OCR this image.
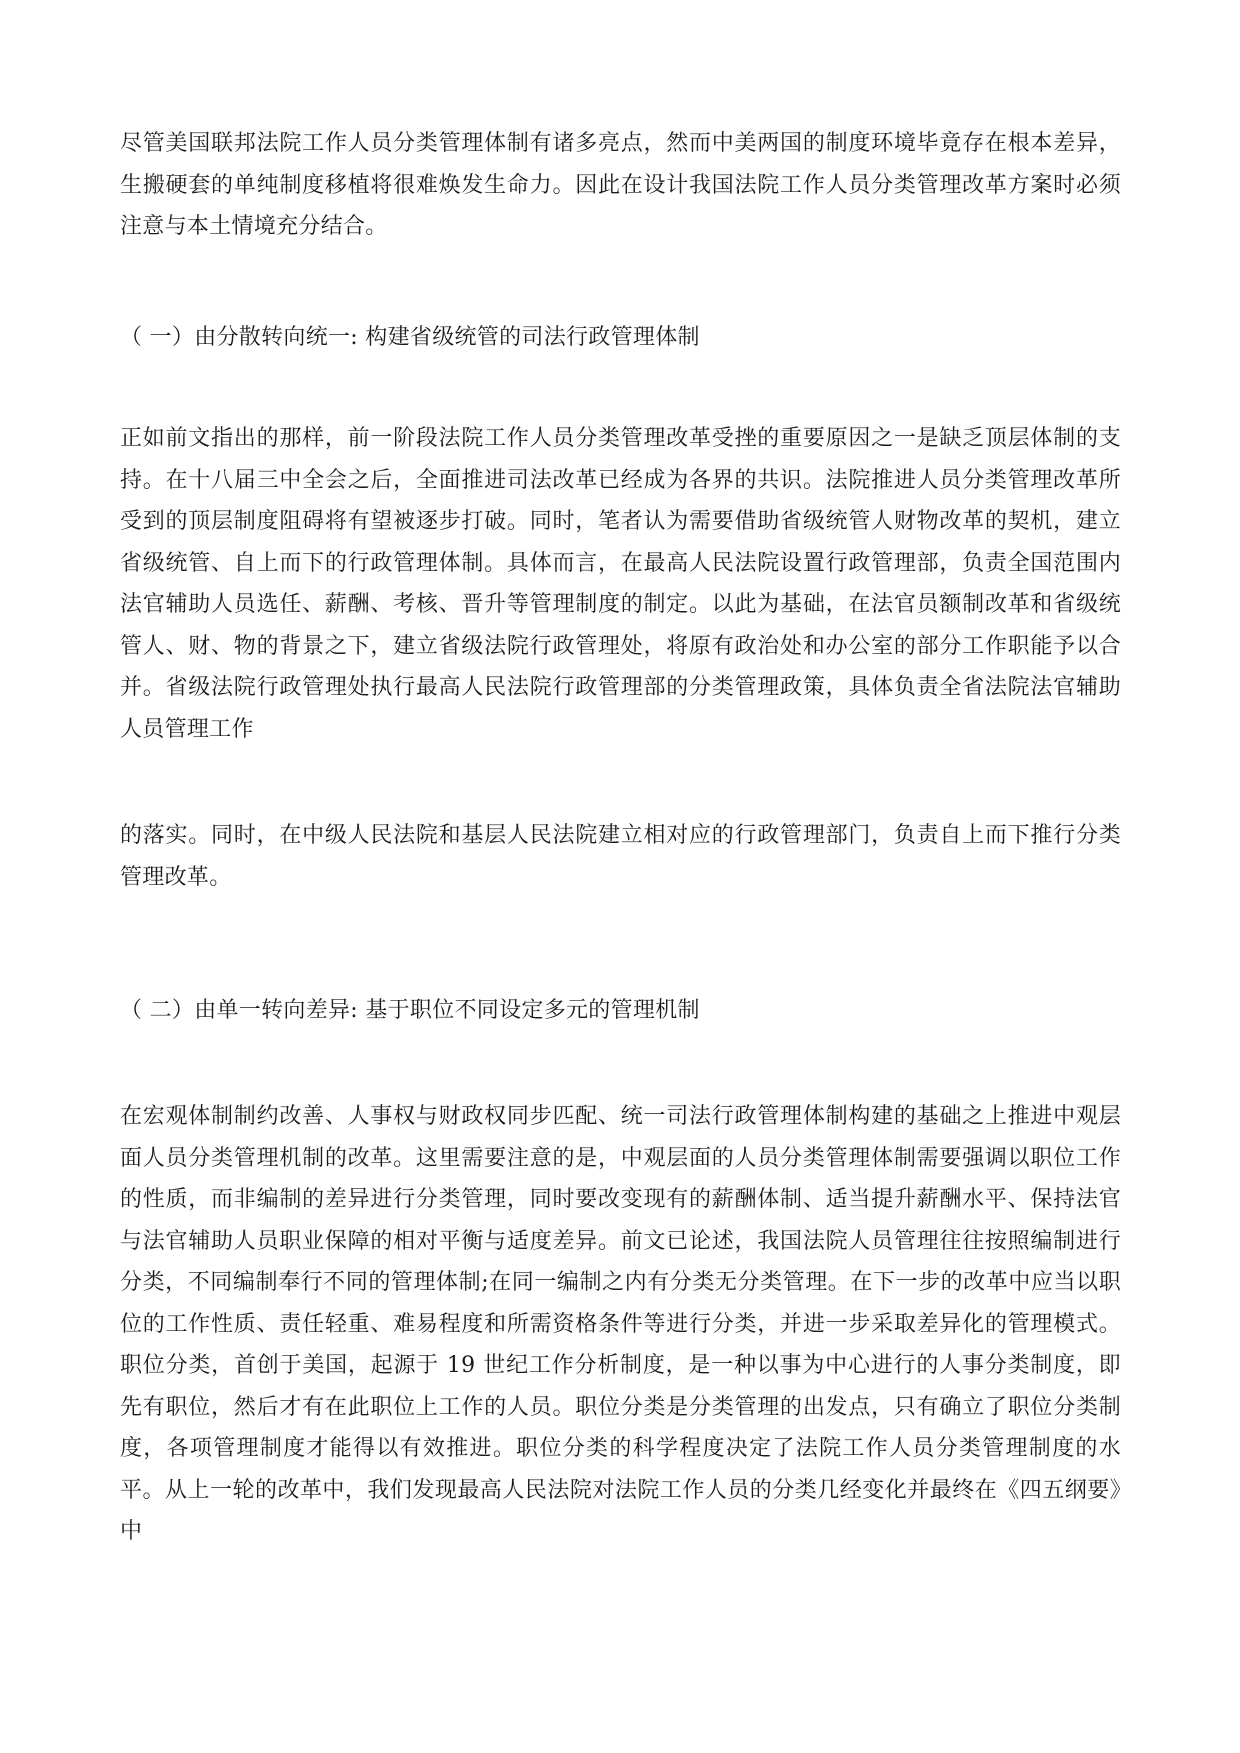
尽管美国联邦法院工作人员分类管理体制有诸多亮点，然而中美两国的制度环境毕竟存在根本差异，生搬硬套的单纯制度移植将很难焕发生命力。因此在设计我国法院工作人员分类管理改革方案时必须注意与本土情境充分结合。

（ 一）由分散转向统一: 构建省级统管的司法行政管理体制

正如前文指出的那样，前一阶段法院工作人员分类管理改革受挫的重要原因之一是缺乏顶层体制的支持。在十八届三中全会之后，全面推进司法改革已经成为各界的共识。法院推进人员分类管理改革所受到的顶层制度阻碍将有望被逐步打破。同时，笔者认为需要借助省级统管人财物改革的契机，建立省级统管、自上而下的行政管理体制。具体而言，在最高人民法院设置行政管理部，负责全国范围内法官辅助人员选任、薪酬、考核、晋升等管理制度的制定。以此为基础，在法官员额制改革和省级统管人、财、物的背景之下，建立省级法院行政管理处，将原有政治处和办公室的部分工作职能予以合并。省级法院行政管理处执行最高人民法院行政管理部的分类管理政策，具体负责全省法院法官辅助人员管理工作

的落实。同时，在中级人民法院和基层人民法院建立相对应的行政管理部门，负责自上而下推行分类管理改革。

（ 二）由单一转向差异: 基于职位不同设定多元的管理机制

在宏观体制制约改善、人事权与财政权同步匹配、统一司法行政管理体制构建的基础之上推进中观层面人员分类管理机制的改革。这里需要注意的是，中观层面的人员分类管理体制需要强调以职位工作的性质，而非编制的差异进行分类管理，同时要改变现有的薪酬体制、适当提升薪酬水平、保持法官与法官辅助人员职业保障的相对平衡与适度差异。前文已论述，我国法院人员管理往往按照编制进行分类，不同编制奉行不同的管理体制;在同一编制之内有分类无分类管理。在下一步的改革中应当以职位的工作性质、责任轻重、难易程度和所需资格条件等进行分类，并进一步采取差异化的管理模式。职位分类，首创于美国，起源于 19 世纪工作分析制度，是一种以事为中心进行的人事分类制度，即先有职位，然后才有在此职位上工作的人员。职位分类是分类管理的出发点，只有确立了职位分类制度，各项管理制度才能得以有效推进。职位分类的科学程度决定了法院工作人员分类管理制度的水平。从上一轮的改革中，我们发现最高人民法院对法院工作人员的分类几经变化并最终在《四五纲要》中
